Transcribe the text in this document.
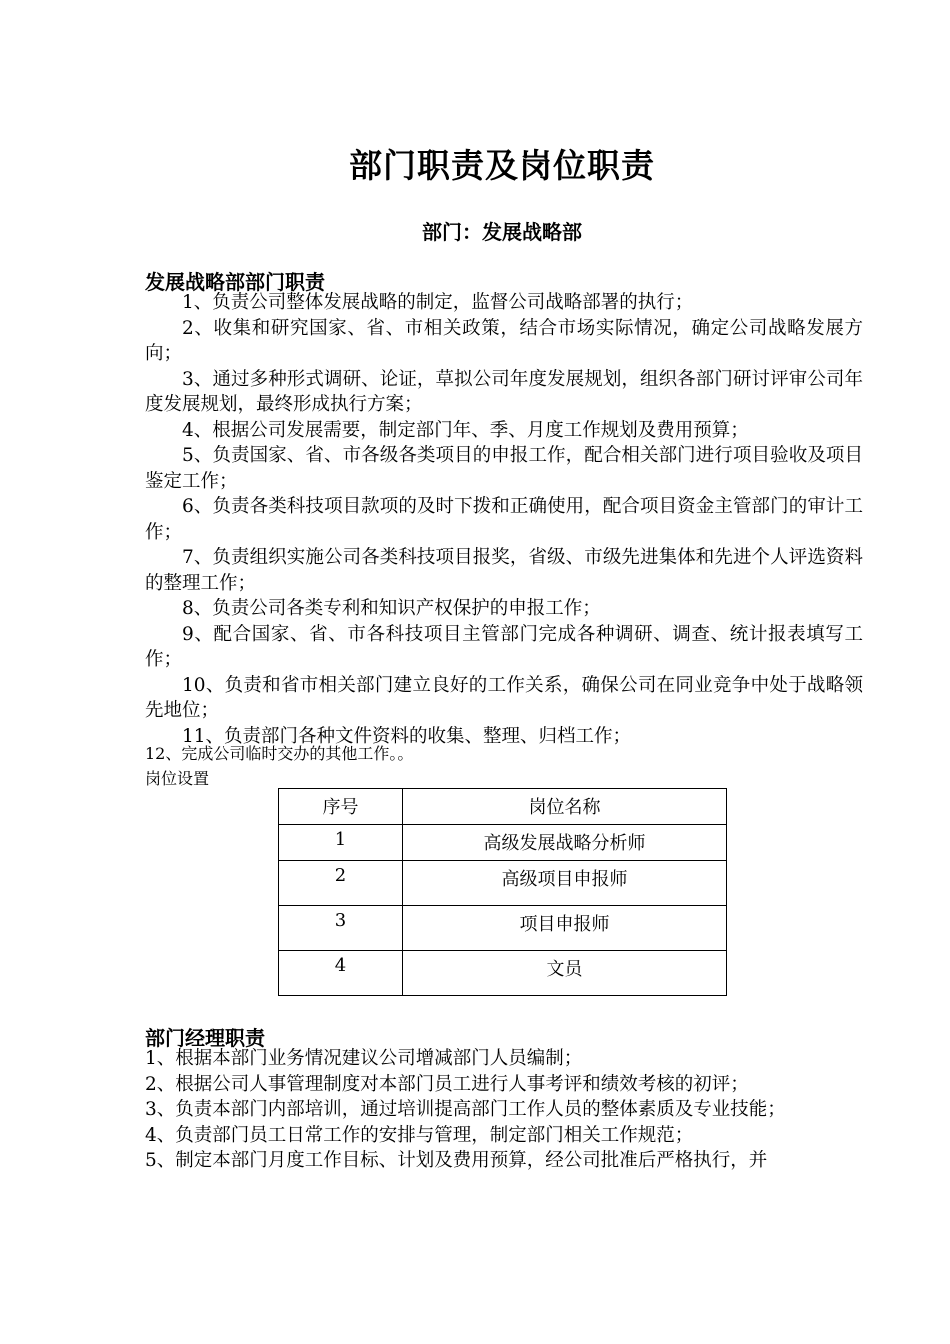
部门职责及岗位职责
部门：发展战略部
发展战略部部门职责

1、负责公司整体发展战略的制定，监督公司战略部署的执行；

2、收集和研究国家、省、市相关政策，结合市场实际情况，确定公司战略发展方向；

3、通过多种形式调研、论证，草拟公司年度发展规划，组织各部门研讨评审公司年度发展规划，最终形成执行方案；

4、根据公司发展需要，制定部门年、季、月度工作规划及费用预算；

5、负责国家、省、市各级各类项目的申报工作，配合相关部门进行项目验收及项目鉴定工作；

6、负责各类科技项目款项的及时下拨和正确使用，配合项目资金主管部门的审计工作；

7、负责组织实施公司各类科技项目报奖，省级、市级先进集体和先进个人评选资料的整理工作；

8、负责公司各类专利和知识产权保护的申报工作；

9、配合国家、省、市各科技项目主管部门完成各种调研、调查、统计报表填写工作；

10、负责和省市相关部门建立良好的工作关系，确保公司在同业竞争中处于战略领先地位；

11、负责部门各种文件资料的收集、整理、归档工作；

12、完成公司临时交办的其他工作。。
岗位设置
序号	岗位名称
1	高级发展战略分析师
2	高级项目申报师
3	项目申报师
4	文员
部门经理职责

1、根据本部门业务情况建议公司增减部门人员编制；

2、根据公司人事管理制度对本部门员工进行人事考评和绩效考核的初评；

3、负责本部门内部培训，通过培训提高部门工作人员的整体素质及专业技能；

4、负责部门员工日常工作的安排与管理，制定部门相关工作规范；

5、制定本部门月度工作目标、计划及费用预算，经公司批准后严格执行，并
